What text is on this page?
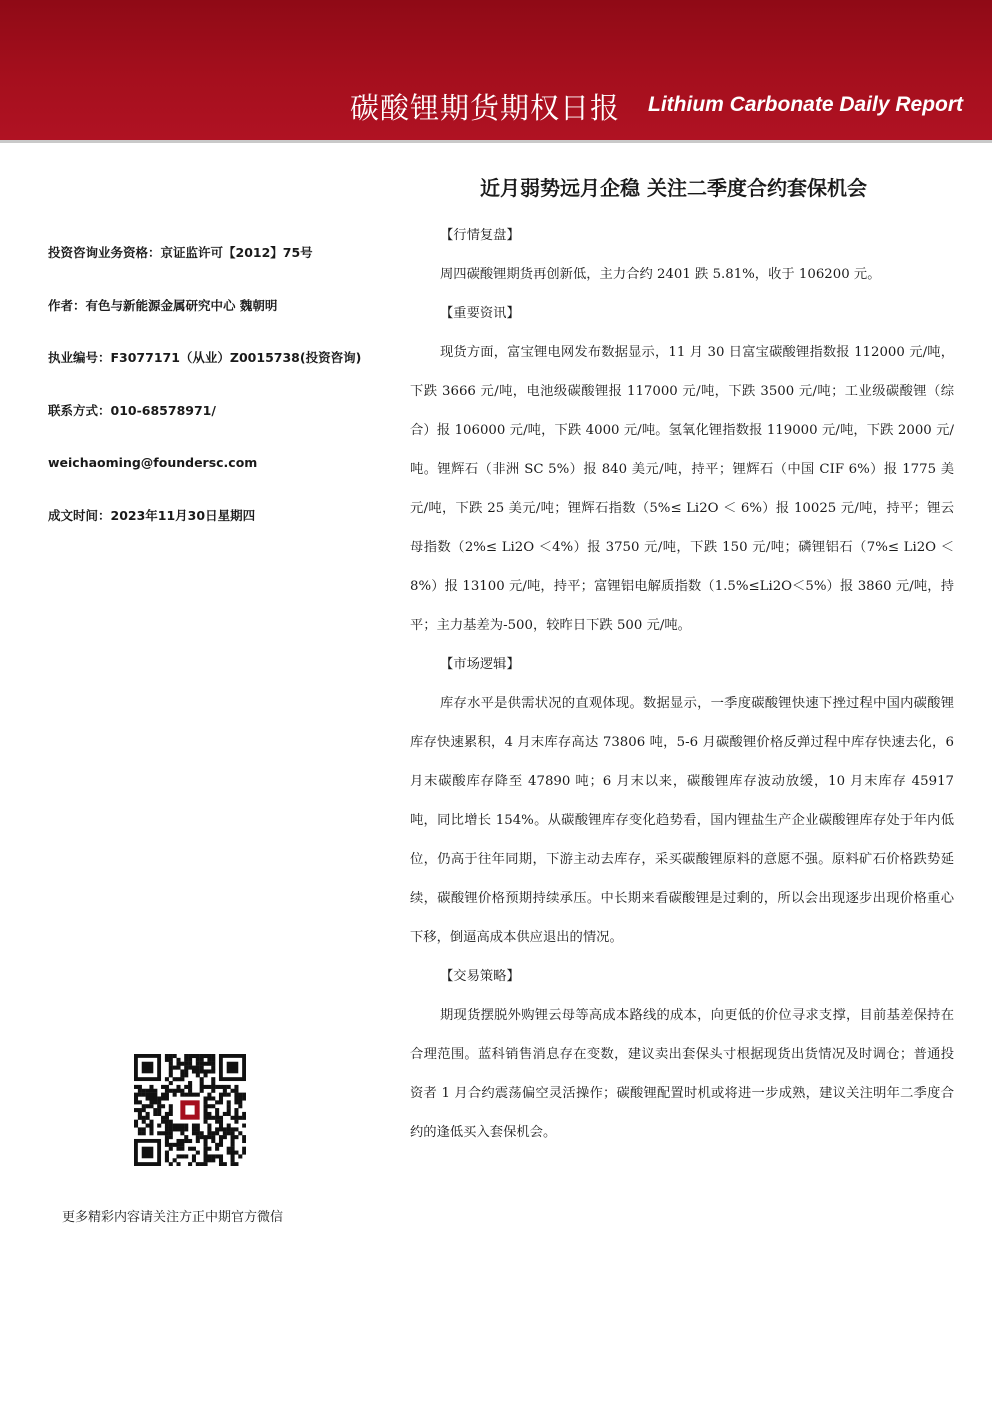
碳酸锂期货期权日报 Lithium Carbonate Daily Report
近月弱势远月企稳 关注二季度合约套保机会
投资咨询业务资格：京证监许可【2012】75号
作者：有色与新能源金属研究中心 魏朝明
执业编号：F3077171（从业）Z0015738(投资咨询)
联系方式：010-68578971/
weichaoming@foundersc.com
成文时间：2023年11月30日星期四
【行情复盘】

周四碳酸锂期货再创新低，主力合约 2401 跌 5.81%，收于 106200 元。

【重要资讯】

现货方面，富宝锂电网发布数据显示，11 月 30 日富宝碳酸锂指数报 112000 元/吨，下跌 3666 元/吨，电池级碳酸锂报 117000 元/吨，下跌 3500 元/吨；工业级碳酸锂（综合）报 106000 元/吨，下跌 4000 元/吨。氢氧化锂指数报 119000 元/吨，下跌 2000 元/吨。锂辉石（非洲 SC 5%）报 840 美元/吨，持平；锂辉石（中国 CIF 6%）报 1775 美元/吨，下跌 25 美元/吨；锂辉石指数（5%≤ Li2O ＜ 6%）报 10025 元/吨，持平；锂云母指数（2%≤ Li2O ＜4%）报 3750 元/吨，下跌 150 元/吨；磷锂铝石（7%≤ Li2O ＜8%）报 13100 元/吨，持平；富锂铝电解质指数（1.5%≤Li2O＜5%）报 3860 元/吨，持平；主力基差为-500，较昨日下跌 500 元/吨。

【市场逻辑】

库存水平是供需状况的直观体现。数据显示，一季度碳酸锂快速下挫过程中国内碳酸锂库存快速累积，4 月末库存高达 73806 吨，5-6 月碳酸锂价格反弹过程中库存快速去化，6 月末碳酸库存降至 47890 吨；6 月末以来，碳酸锂库存波动放缓，10 月末库存 45917 吨，同比增长 154%。从碳酸锂库存变化趋势看，国内锂盐生产企业碳酸锂库存处于年内低位，仍高于往年同期，下游主动去库存，采买碳酸锂原料的意愿不强。原料矿石价格跌势延续，碳酸锂价格预期持续承压。中长期来看碳酸锂是过剩的，所以会出现逐步出现价格重心下移，倒逼高成本供应退出的情况。

【交易策略】

期现货摆脱外购锂云母等高成本路线的成本，向更低的价位寻求支撑，目前基差保持在合理范围。蓝科销售消息存在变数，建议卖出套保头寸根据现货出货情况及时调仓；普通投资者 1 月合约震荡偏空灵活操作；碳酸锂配置时机或将进一步成熟，建议关注明年二季度合约的逢低买入套保机会。

更多精彩内容请关注方正中期官方微信
